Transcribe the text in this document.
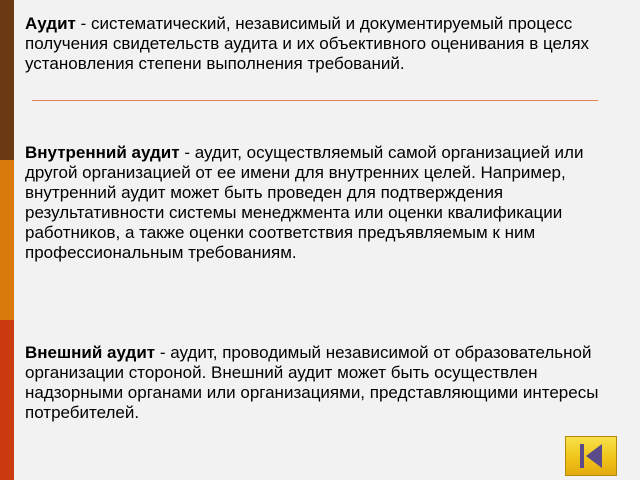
Аудит - систематический, независимый и документируемый процесс получения свидетельств аудита и их объективного оценивания в целях установления степени выполнения требований.

Внутренний аудит - аудит, осуществляемый самой организацией или другой организацией от ее имени для внутренних целей. Например, внутренний аудит может быть проведен для подтверждения результативности системы менеджмента или оценки квалификации работников, а также оценки соответствия предъявляемым к ним профессиональным требованиям.

Внешний аудит - аудит, проводимый независимой от образовательной организации стороной. Внешний аудит может быть осуществлен надзорными органами или организациями, представляющими интересы потребителей.
